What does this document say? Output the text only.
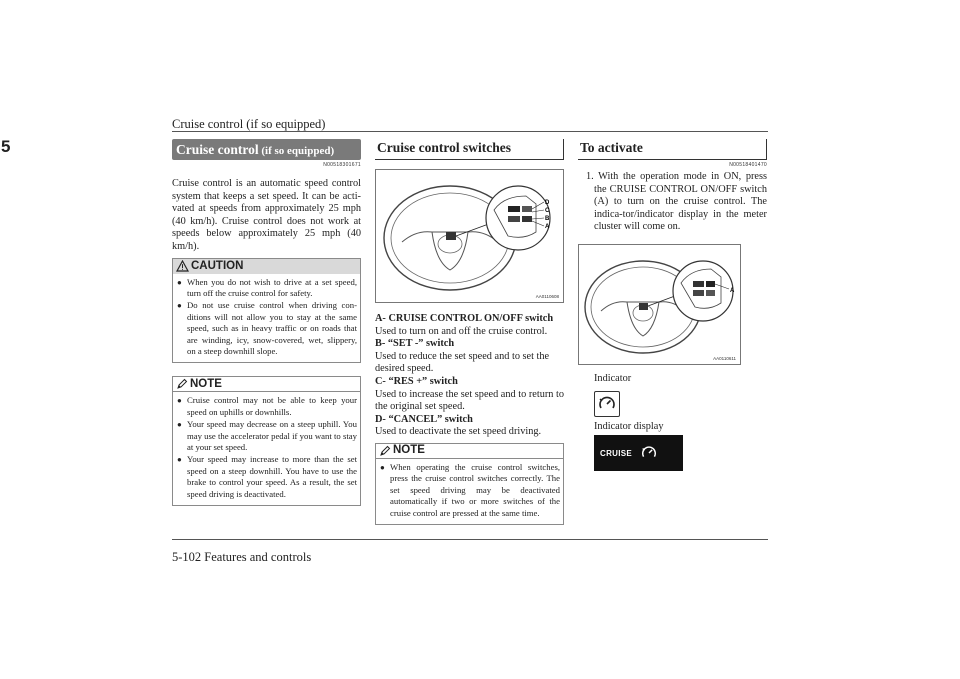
Cruise control (if so equipped)
5	Cruise control (if so equipped)
N00518301671

Cruise control is an automatic speed control system that keeps a set speed. It can be acti-vated at speeds from approximately 25 mph (40 km/h). Cruise control does not work at speeds below approximately 25 mph (40 km/h).

CAUTION
● When you do not wish to drive at a set speed, turn off the cruise control for safety.
● Do not use cruise control when driving con-ditions will not allow you to stay at the same speed, such as in heavy traffic or on roads that are winding, icy, snow-covered, wet, slippery, on a steep downhill slope.
NOTE
● Cruise control may not be able to keep your speed on uphills or downhills.
● Your speed may decrease on a steep uphill. You may use the accelerator pedal if you want to stay at your set speed.
● Your speed may increase to more than the set speed on a steep downhill. You have to use the brake to control your speed. As a result, the set speed driving is deactivated.
Cruise control switches
D
C
B
A
AA0110608
A- CRUISE CONTROL ON/OFF switch
Used to turn on and off the cruise control.
B- “SET -” switch
Used to reduce the set speed and to set the desired speed.
C- “RES +” switch
Used to increase the set speed and to return to the original set speed.
D- “CANCEL” switch
Used to deactivate the set speed driving.
NOTE
● When operating the cruise control switches, press the cruise control switches correctly. The set speed driving may be deactivated automatically if two or more switches of the cruise control are pressed at the same time.
To activate
N00518401470

1. With the operation mode in ON, press the CRUISE CONTROL ON/OFF switch (A) to turn on the cruise control. The indica-tor/indicator display in the meter cluster will come on.

A
AA0110611
Indicator
Indicator display
CRUISE
5-102 Features and controls
